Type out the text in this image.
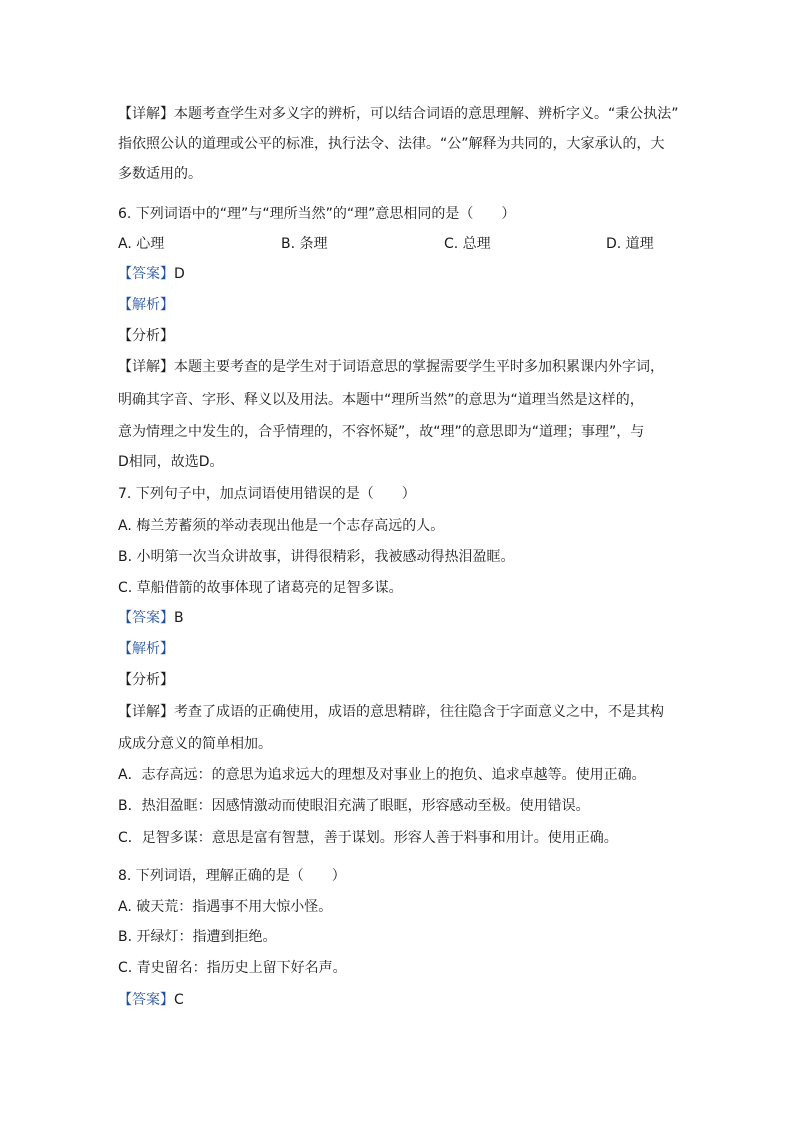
【详解】本题考查学生对多义字的辨析，可以结合词语的意思理解、辨析字义。“秉公执法”
指依照公认的道理或公平的标准，执行法令、法律。“公”解释为共同的，大家承认的，大
多数适用的。
6. 下列词语中的“理”与“理所当然”的“理”意思相同的是（　　）
A. 心理	B. 条理	C. 总理	D. 道理
【答案】D
【解析】
【分析】
【详解】本题主要考查的是学生对于词语意思的掌握需要学生平时多加积累课内外字词，
明确其字音、字形、释义以及用法。本题中“理所当然”的意思为“道理当然是这样的，
意为情理之中发生的，合乎情理的，不容怀疑”，故“理”的意思即为“道理；事理”，与
D相同，故选D。
7. 下列句子中，加点词语使用错误的是（　　）
A. 梅兰芳蓄须的举动表现出他是一个志存高远的人。
B. 小明第一次当众讲故事，讲得很精彩，我被感动得热泪盈眶。
C. 草船借箭的故事体现了诸葛亮的足智多谋。
【答案】B
【解析】
【分析】
【详解】考查了成语的正确使用，成语的意思精辟，往往隐含于字面意义之中，不是其构
成成分意义的简单相加。
A．志存高远：的意思为追求远大的理想及对事业上的抱负、追求卓越等。使用正确。
B．热泪盈眶：因感情激动而使眼泪充满了眼眶，形容感动至极。使用错误。
C．足智多谋：意思是富有智慧，善于谋划。形容人善于料事和用计。使用正确。
8. 下列词语，理解正确的是（　　）
A. 破天荒：指遇事不用大惊小怪。
B. 开绿灯：指遭到拒绝。
C. 青史留名：指历史上留下好名声。
【答案】C
